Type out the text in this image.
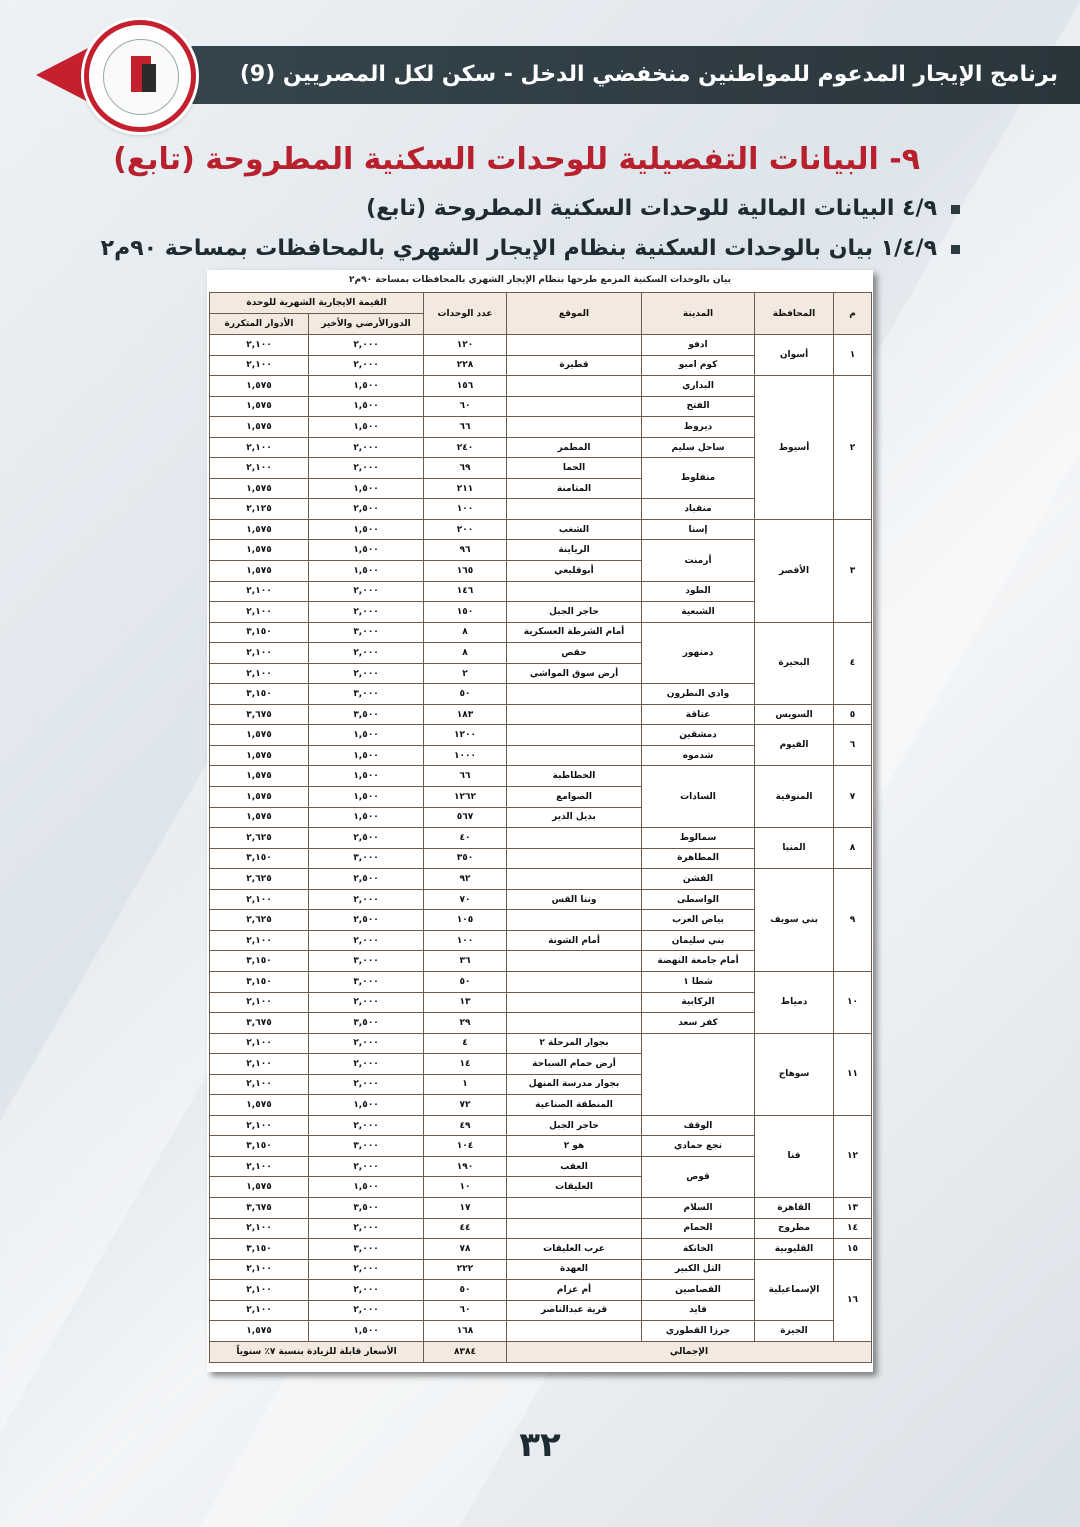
برنامج الإيجار المدعوم للمواطنين منخفضي الدخل - سكن لكل المصريين (9)
٩- البيانات التفصيلية للوحدات السكنية المطروحة (تابع)
٤/٩ البيانات المالية للوحدات السكنية المطروحة (تابع)
١/٤/٩ بيان بالوحدات السكنية بنظام الإيجار الشهري بالمحافظات بمساحة ٩٠م٢
بيان بالوحدات السكنية المزمع طرحها بنظام الإيجار الشهري بالمحافظات بمساحة ٩٠م٢
م	المحافظة	المدينة	الموقع	عدد الوحدات	القيمة الايجارية الشهرية للوحدة	
					الدورالأرضي والأخير	الأدوار المتكررة
١	أسوان	ادفو		١٢٠	٢,٠٠٠	٢,١٠٠
		كوم امبو	قطيرة	٢٢٨	٢,٠٠٠	٢,١٠٠
٢	أسيوط	البداري		١٥٦	١,٥٠٠	١,٥٧٥
		الفتح		٦٠	١,٥٠٠	١,٥٧٥
		ديروط		٦٦	١,٥٠٠	١,٥٧٥
		ساحل سليم	المطمر	٢٤٠	٢,٠٠٠	٢,١٠٠
		منفلوط	الحما	٦٩	٢,٠٠٠	٢,١٠٠
			المتامنة	٢١١	١,٥٠٠	١,٥٧٥
		منقباد		١٠٠	٢,٥٠٠	٢,١٢٥
٣	الأقصر	إسنا	الشغب	٢٠٠	١,٥٠٠	١,٥٧٥
		أرمنت	الرياينة	٩٦	١,٥٠٠	١,٥٧٥
			أبوقليعي	١٦٥	١,٥٠٠	١,٥٧٥
		الطود		١٤٦	٢,٠٠٠	٢,١٠٠
		الشبعية	حاجر الجبل	١٥٠	٢,٠٠٠	٢,١٠٠
٤	البحيرة	دمنهور	أمام الشرطة العسكرية	٨	٣,٠٠٠	٣,١٥٠
			حقص	٨	٢,٠٠٠	٢,١٠٠
			أرض سوق المواشي	٢	٢,٠٠٠	٢,١٠٠
		وادي النطرون		٥٠	٣,٠٠٠	٣,١٥٠
٥	السويس	عتاقة		١٨٣	٣,٥٠٠	٣,٦٧٥
٦	الفيوم	دمشقين		١٢٠٠	١,٥٠٠	١,٥٧٥
		شدموه		١٠٠٠	١,٥٠٠	١,٥٧٥
٧	المنوفية	السادات	الخطاطبة	٦٦	١,٥٠٠	١,٥٧٥
			الصوامع	١٢٦٢	١,٥٠٠	١,٥٧٥
			بديل الدير	٥٦٧	١,٥٠٠	١,٥٧٥
٨	المنيا	سمالوط		٤٠	٢,٥٠٠	٢,٦٢٥
		المطاهرة		٣٥٠	٣,٠٠٠	٣,١٥٠
٩	بني سويف	الفشن		٩٢	٢,٥٠٠	٢,٦٢٥
		الواسطى	وننا القس	٧٠	٢,٠٠٠	٢,١٠٠
		بياض العرب		١٠٥	٢,٥٠٠	٢,٦٢٥
		بني سليمان	أمام الشونة	١٠٠	٢,٠٠٠	٢,١٠٠
		أمام جامعة النهضة		٣٦	٣,٠٠٠	٣,١٥٠
١٠	دمياط	شطا ١		٥٠	٣,٠٠٠	٣,١٥٠
		الركابية		١٣	٢,٠٠٠	٢,١٠٠
		كفر سعد		٢٩	٣,٥٠٠	٣,٦٧٥
١١	سوهاج		بجوار المرحلة ٢	٤	٢,٠٠٠	٢,١٠٠
			أرض حمام السباحة	١٤	٢,٠٠٠	٢,١٠٠
			بجوار مدرسة المنهل	١	٢,٠٠٠	٢,١٠٠
			المنطقة الصناعية	٧٢	١,٥٠٠	١,٥٧٥
١٢	قنا	الوقف	حاجر الجبل	٤٩	٢,٠٠٠	٢,١٠٠
		نجع حمادي	هو ٢	١٠٤	٣,٠٠٠	٣,١٥٠
		قوص	العقب	١٩٠	٢,٠٠٠	٢,١٠٠
			العليقات	١٠	١,٥٠٠	١,٥٧٥
١٣	القاهرة	السلام		١٧	٣,٥٠٠	٣,٦٧٥
١٤	مطروح	الحمام		٤٤	٢,٠٠٠	٢,١٠٠
١٥	القليوبية	الخانكة	عرب العليقات	٧٨	٣,٠٠٠	٣,١٥٠
١٦	الإسماعيلية	التل الكبير	العهدة	٢٢٢	٢,٠٠٠	٢,١٠٠
		القصاصين	أم عزام	٥٠	٢,٠٠٠	٢,١٠٠
		فايد	قرية عبدالناصر	٦٠	٢,٠٠٠	٢,١٠٠
	الجيزة	جرزا القطوري		١٦٨	١,٥٠٠	١,٥٧٥
الإجمالي				٨٣٨٤	الأسعار قابلة للزيادة بنسبة ٧٪ سنوياً	
٣٢
